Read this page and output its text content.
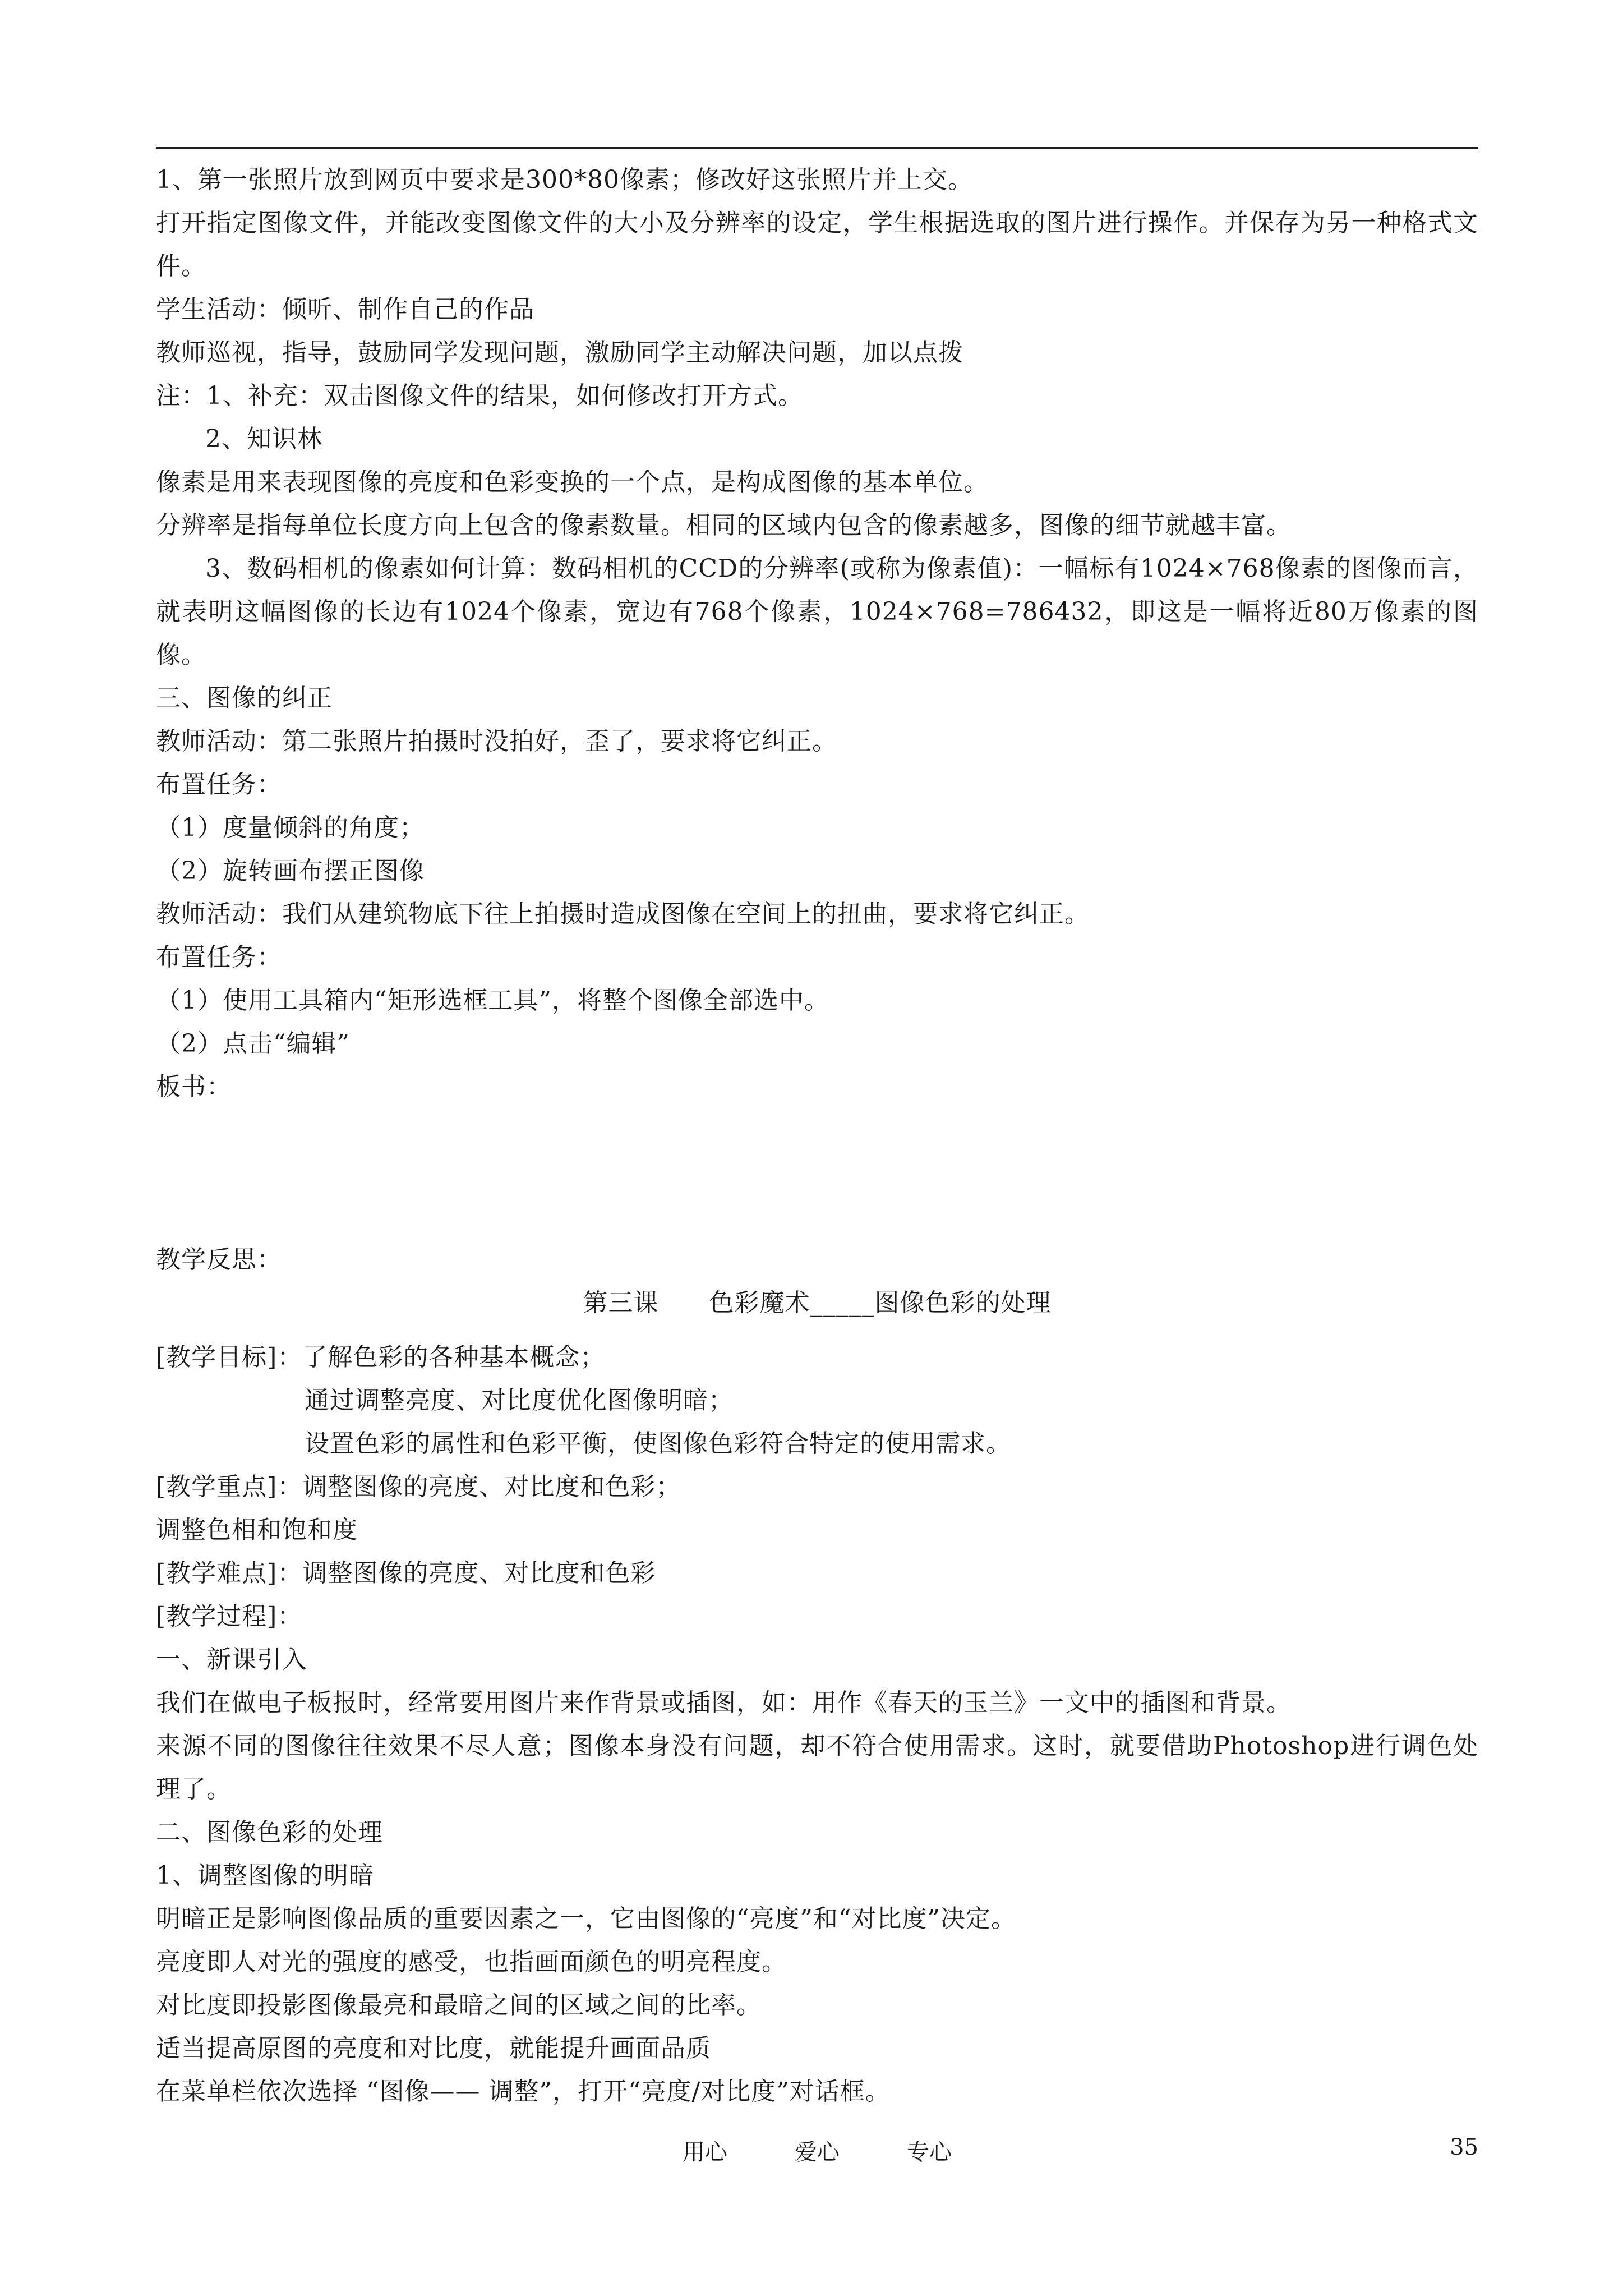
1、第一张照片放到网页中要求是300*80像素；修改好这张照片并上交。
打开指定图像文件，并能改变图像文件的大小及分辨率的设定，学生根据选取的图片进行操作。并保存为另一种格式文件。
学生活动：倾听、制作自己的作品
教师巡视，指导，鼓励同学发现问题，激励同学主动解决问题，加以点拨
注：1、补充：双击图像文件的结果，如何修改打开方式。
2、知识林
像素是用来表现图像的亮度和色彩变换的一个点，是构成图像的基本单位。
分辨率是指每单位长度方向上包含的像素数量。相同的区域内包含的像素越多，图像的细节就越丰富。
3、数码相机的像素如何计算：数码相机的CCD的分辨率(或称为像素值)：一幅标有1024×768像素的图像而言，就表明这幅图像的长边有1024个像素，宽边有768个像素，1024×768=786432，即这是一幅将近80万像素的图像。
三、图像的纠正
教师活动：第二张照片拍摄时没拍好，歪了，要求将它纠正。
布置任务：
（1）度量倾斜的角度；
（2）旋转画布摆正图像
教师活动：我们从建筑物底下往上拍摄时造成图像在空间上的扭曲，要求将它纠正。
布置任务：
（1）使用工具箱内“矩形选框工具”，将整个图像全部选中。
（2）点击“编辑”
板书：
教学反思：
第三课　　色彩魔术_____图像色彩的处理
[教学目标]：了解色彩的各种基本概念；
通过调整亮度、对比度优化图像明暗；
设置色彩的属性和色彩平衡，使图像色彩符合特定的使用需求。
[教学重点]：调整图像的亮度、对比度和色彩；
调整色相和饱和度
[教学难点]：调整图像的亮度、对比度和色彩
[教学过程]：
一、新课引入
我们在做电子板报时，经常要用图片来作背景或插图，如：用作《春天的玉兰》一文中的插图和背景。
来源不同的图像往往效果不尽人意；图像本身没有问题，却不符合使用需求。这时，就要借助Photoshop进行调色处理了。
二、图像色彩的处理
1、调整图像的明暗
明暗正是影响图像品质的重要因素之一，它由图像的“亮度”和“对比度”决定。
亮度即人对光的强度的感受，也指画面颜色的明亮程度。
对比度即投影图像最亮和最暗之间的区域之间的比率。
适当提高原图的亮度和对比度，就能提升画面品质
在菜单栏依次选择 “图像—— 调整”，打开“亮度/对比度”对话框。
用心　　　爱心　　　专心	35
